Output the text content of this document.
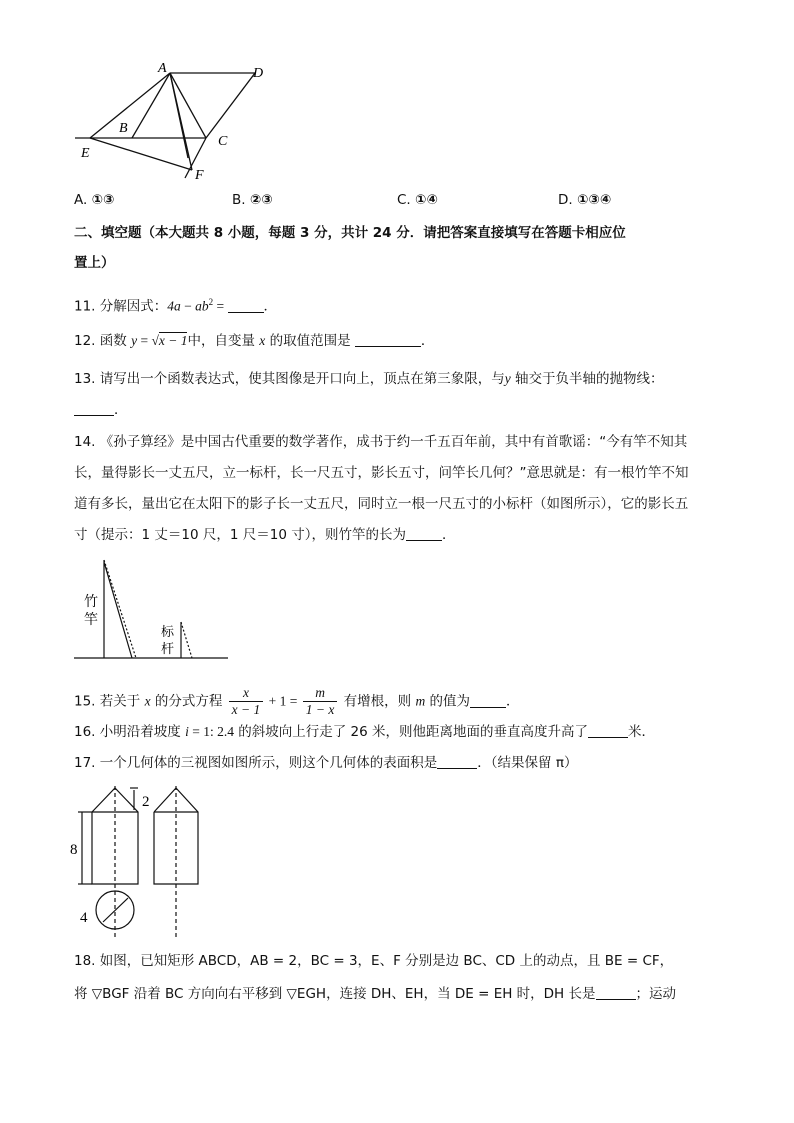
A	D
B
C
E
F
A. ①③	B. ②③	C. ①④	D. ①③④
二、填空题（本大题共 8 小题，每题 3 分，共计 24 分．请把答案直接填写在答题卡相应位
置上）
11. 分解因式：$4a - ab^2$ =	．
12. 函数 y = √x − 1中，自变量 x 的取值范围是	．
13. 请写出一个函数表达式，使其图像是开口向上，顶点在第三象限，与y 轴交于负半轴的抛物线：
．
14. 《孙子算经》是中国古代重要的数学著作，成书于约一千五百年前，其中有首歌谣：“今有竿不知其
长，量得影长一丈五尺，立一标杆，长一尺五寸，影长五寸，问竿长几何？”意思就是：有一根竹竿不知
道有多长，量出它在太阳下的影子长一丈五尺，同时立一根一尺五寸的小标杆（如图所示），它的影长五
寸（提示：1 丈＝10 尺，1 尺＝10 寸），则竹竿的长为	．
竹
竿
标
杆
15. 若关于 x 的分式方程 $\frac{x}{x - 1} + 1 = \frac{m}{1 - x}$ 有增根，则 m 的值为	．
16. 小明沿着坡度 i = 1: 2.4 的斜坡向上行走了 26 米，则他距离地面的垂直高度升高了	米．
17. 一个几何体的三视图如图所示，则这个几何体的表面积是	．（结果保留 π）
2
8
4
18. 如图，已知矩形 ABCD，AB = 2，BC = 3，E、F 分别是边 BC、CD 上的动点，且 BE = CF，
将 ▽BGF 沿着 BC 方向向右平移到 ▽EGH，连接 DH、EH，当 DE = EH 时，DH 长是	；运动
